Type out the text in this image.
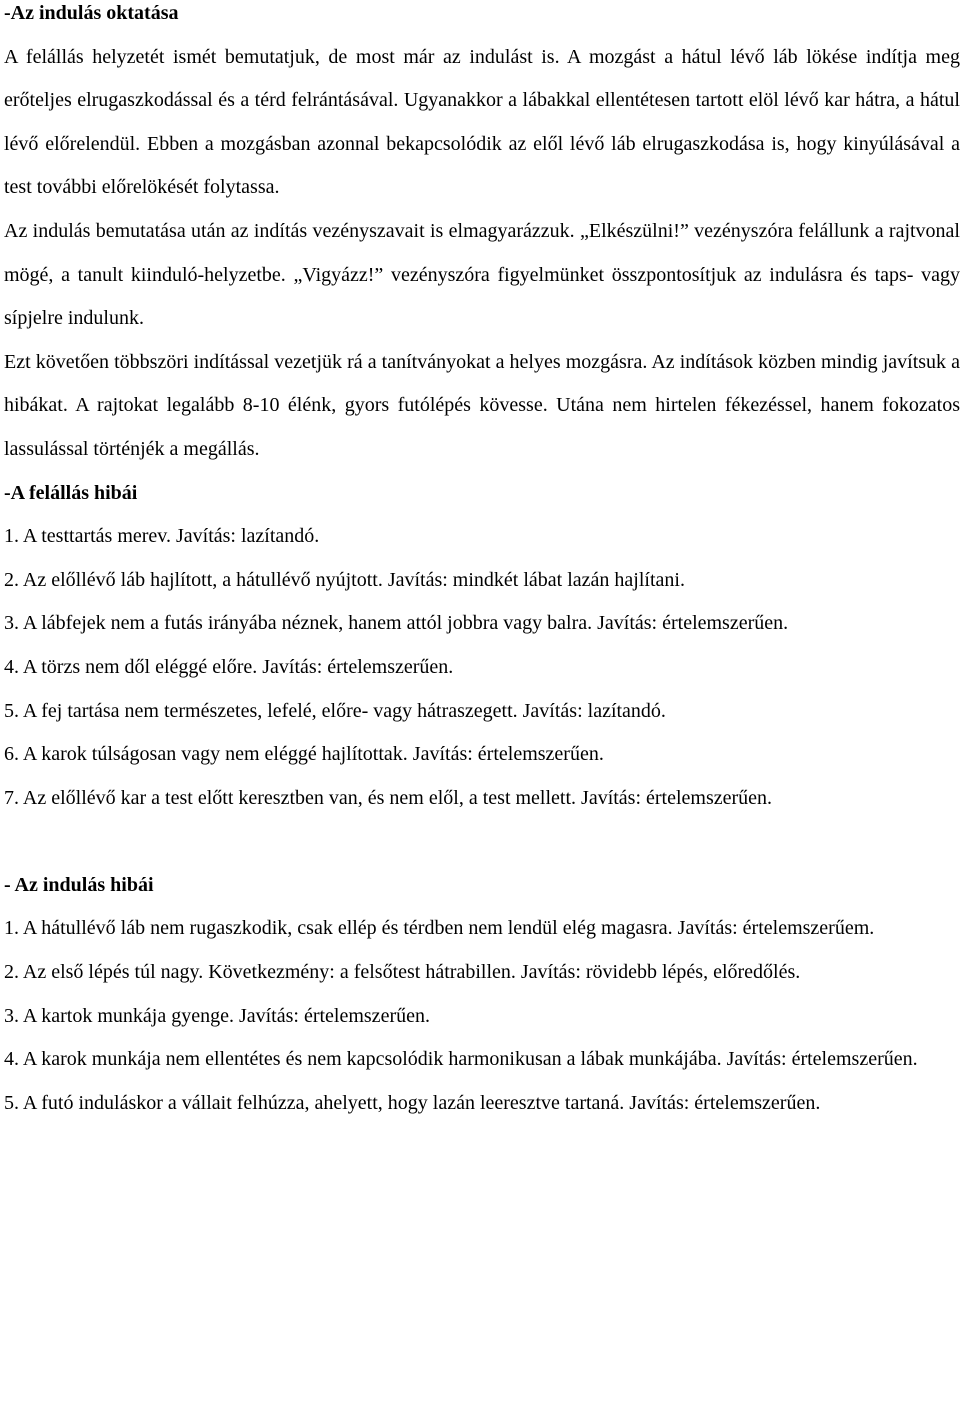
-Az indulás oktatása

A felállás helyzetét ismét bemutatjuk, de most már az indulást is. A mozgást a hátul lévő láb lökése indítja meg erőteljes elrugaszkodással és a térd felrántásával. Ugyanakkor a lábakkal ellentétesen tartott elöl lévő kar hátra, a hátul lévő előrelendül. Ebben a mozgásban azonnal bekapcsolódik az elől lévő láb elrugaszkodása is, hogy kinyúlásával a test további előrelökését folytassa.

Az indulás bemutatása után az indítás vezényszavait is elmagyarázzuk. „Elkészülni!” vezényszóra felállunk a rajtvonal mögé, a tanult kiinduló-helyzetbe. „Vigyázz!” vezényszóra figyelmünket összpontosítjuk az indulásra és taps- vagy sípjelre indulunk.

Ezt követően többszöri indítással vezetjük rá a tanítványokat a helyes mozgásra. Az indítások közben mindig javítsuk a hibákat. A rajtokat legalább 8-10 élénk, gyors futólépés kövesse. Utána nem hirtelen fékezéssel, hanem fokozatos lassulással történjék a megállás.

-A felállás hibái

1. A testtartás merev. Javítás: lazítandó.

2. Az előllévő láb hajlított, a hátullévő nyújtott. Javítás: mindkét lábat lazán hajlítani.

3. A lábfejek nem a futás irányába néznek, hanem attól jobbra vagy balra. Javítás: értelemszerűen.

4. A törzs nem dől eléggé előre. Javítás: értelemszerűen.

5. A fej tartása nem természetes, lefelé, előre- vagy hátraszegett. Javítás: lazítandó.

6. A karok túlságosan vagy nem eléggé hajlítottak. Javítás: értelemszerűen.

7. Az előllévő kar a test előtt keresztben van, és nem elől, a test mellett. Javítás: értelemszerűen.

- Az indulás hibái

1. A hátullévő láb nem rugaszkodik, csak ellép és térdben nem lendül elég magasra. Javítás: értelemszerűem.

2. Az első lépés túl nagy. Következmény: a felsőtest hátrabillen. Javítás: rövidebb lépés, előredőlés.

3. A kartok munkája gyenge. Javítás: értelemszerűen.

4. A karok munkája nem ellentétes és nem kapcsolódik harmonikusan a lábak munkájába. Javítás: értelemszerűen.

5. A futó induláskor a vállait felhúzza, ahelyett, hogy lazán leeresztve tartaná. Javítás: értelemszerűen.
